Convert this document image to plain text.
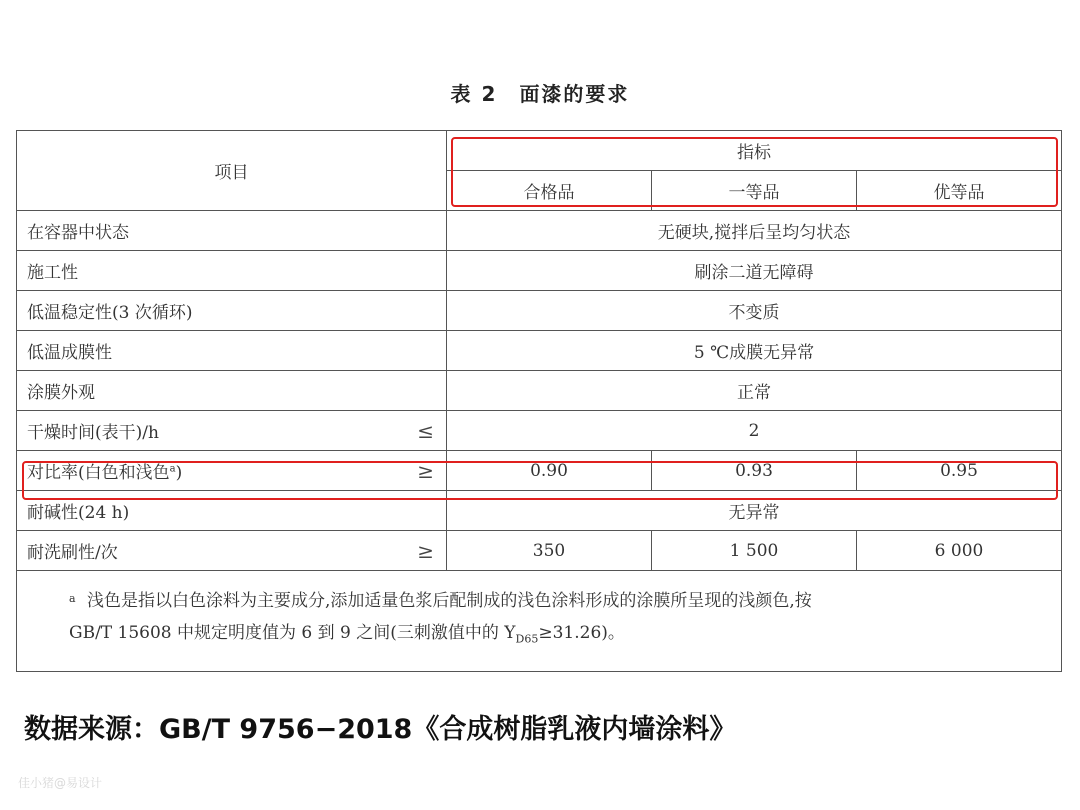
表 2 面漆的要求
项目	指标		
	合格品	一等品	优等品
在容器中状态	无硬块,搅拌后呈均匀状态		
施工性	刷涂二道无障碍		
低温稳定性(3 次循环)	不变质		
低温成膜性	5 ℃成膜无异常		
涂膜外观	正常		
干燥时间(表干)/h ≤	2		
对比率(白色和浅色$^a$) ≥	0.90	0.93	0.95
耐碱性(24 h)	无异常		
耐洗刷性/次 ≥	350	1 500	6 000

a 浅色是指以白色涂料为主要成分,添加适量色浆后配制成的浅色涂料形成的涂膜所呈现的浅颜色,按
GB/T 15608 中规定明度值为 6 到 9 之间(三刺激值中的 $Y_{D65}\ge 31.26$)。			
数据来源：GB/T 9756−2018《合成树脂乳液内墙涂料》
佳小猪@易设计
